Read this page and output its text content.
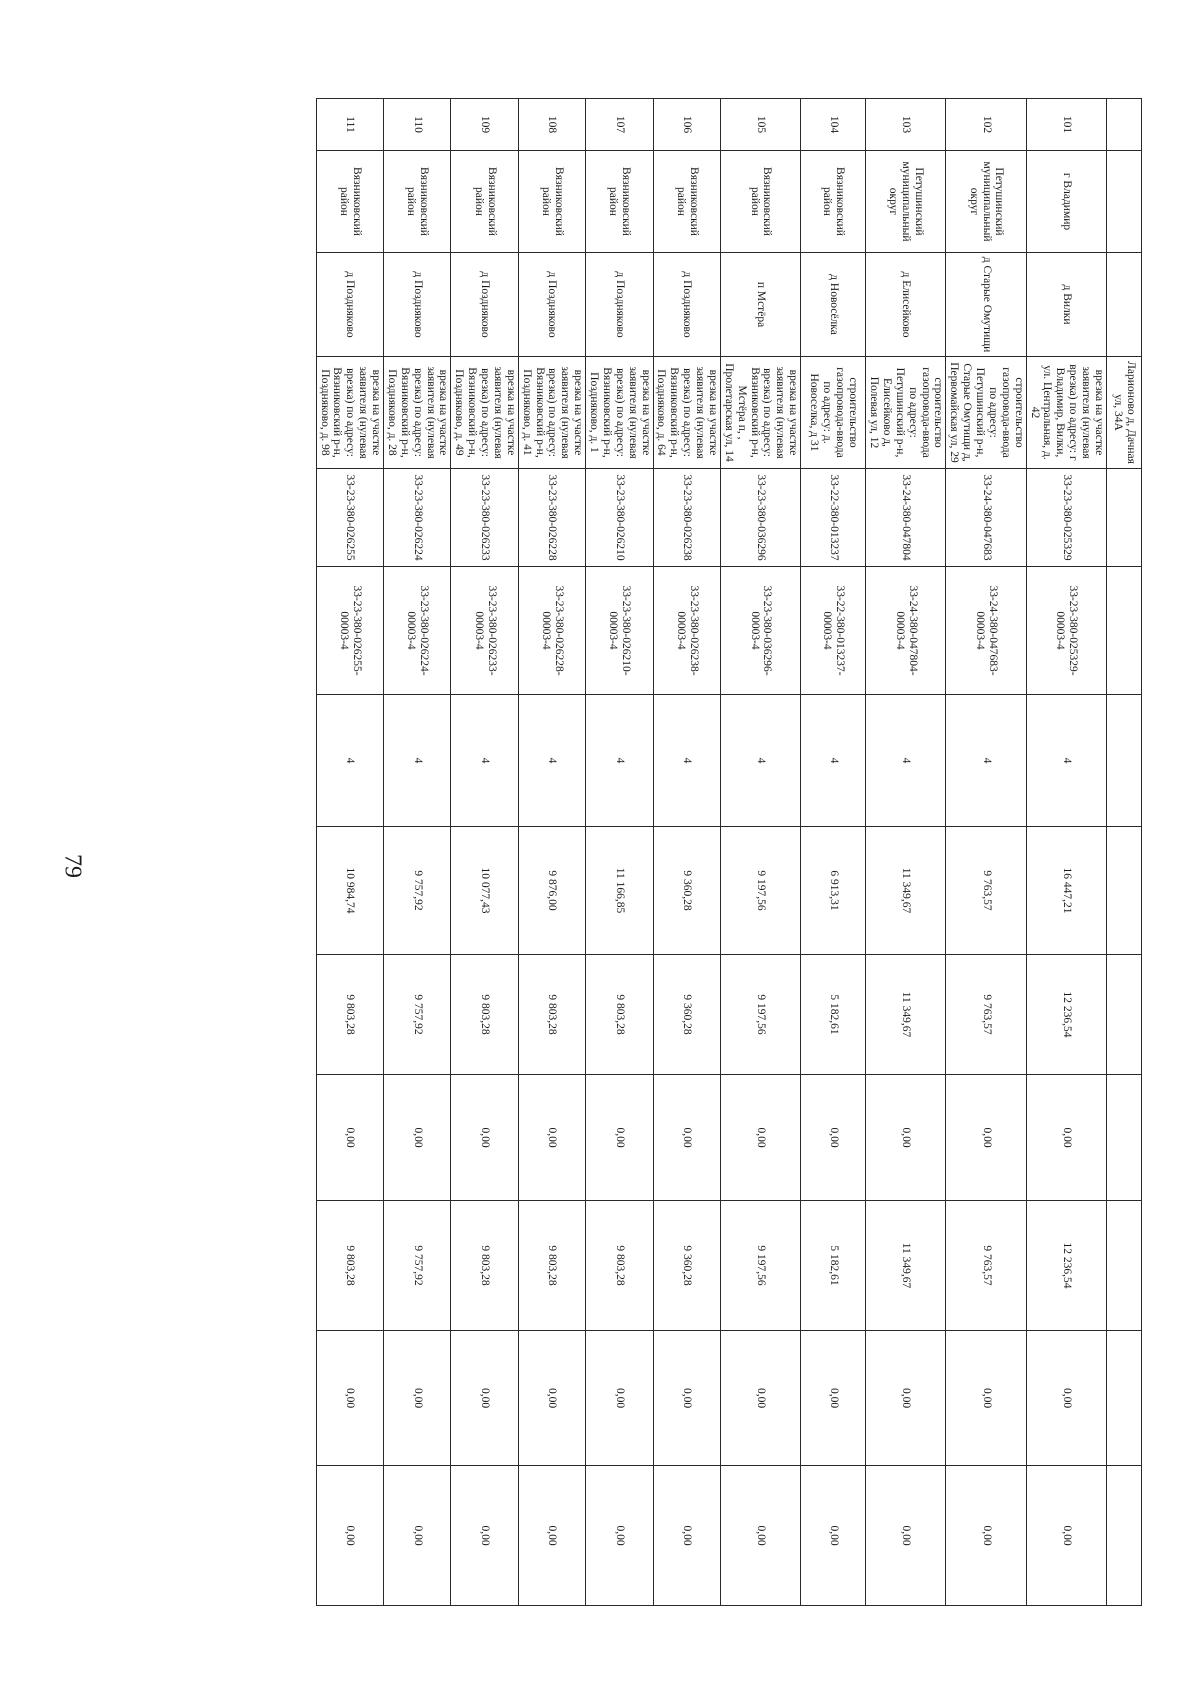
79
			Ларионово д, Дачная ул, 34А									
101	г Владимир	д Вилки	врезка на участке заявителя (нулевая врезка) по адресу: г Владимир, Вилки, ул. Центральная, д. 42	33-23-380-025329	33-23-380-025329-00003-4	4	16 447,21	12 236,54	0,00	12 236,54	0,00	0,00
102	Петушинский муниципальный округ	д Старые Омутищи	строительство газопровода-ввода по адресу: Петушинский р-н, Старые Омутищи д, Первомайская ул, 29	33-24-380-047683	33-24-380-047683-00003-4	4	9 763,57	9 763,57	0,00	9 763,57	0,00	0,00
103	Петушинский муниципальный округ	д Елисейково	строительство газопровода-ввода по адресу: Петушинский р-н, Елисейково д, Полевая ул, 12	33-24-380-047804	33-24-380-047804-00003-4	4	11 349,67	11 349,67	0,00	11 349,67	0,00	0,00
104	Вязниковский район	д Новосёлка	строительство газопровода-ввода по адресу: д. Новоселка, д 31	33-22-380-013237	33-22-380-013237-00003-4	4	6 913,31	5 182,61	0,00	5 182,61	0,00	0,00
105	Вязниковский район	п Мстёра	врезка на участке заявителя (нулевая врезка) по адресу: Вязниковский р-н, Мстёра п, , Пролетарская ул, 14	33-23-380-036296	33-23-380-036296-00003-4	4	9 197,56	9 197,56	0,00	9 197,56	0,00	0,00
106	Вязниковский район	д Поздняково	врезка на участке заявителя (нулевая врезка) по адресу: Вязниковский р-н, Поздняково, д. 64	33-23-380-026238	33-23-380-026238-00003-4	4	9 360,28	9 360,28	0,00	9 360,28	0,00	0,00
107	Вязниковский район	д Поздняково	врезка на участке заявителя (нулевая врезка) по адресу: Вязниковский р-н, Поздняково, д. 1	33-23-380-026210	33-23-380-026210-00003-4	4	11 166,85	9 803,28	0,00	9 803,28	0,00	0,00
108	Вязниковский район	д Поздняково	врезка на участке заявителя (нулевая врезка) по адресу: Вязниковский р-н, Поздняково, д. 41	33-23-380-026228	33-23-380-026228-00003-4	4	9 876,00	9 803,28	0,00	9 803,28	0,00	0,00
109	Вязниковский район	д Поздняково	врезка на участке заявителя (нулевая врезка) по адресу: Вязниковский р-н, Поздняково, д. 49	33-23-380-026233	33-23-380-026233-00003-4	4	10 077,43	9 803,28	0,00	9 803,28	0,00	0,00
110	Вязниковский район	д Поздняково	врезка на участке заявителя (нулевая врезка) по адресу: Вязниковский р-н, Поздняково, д. 28	33-23-380-026224	33-23-380-026224-00003-4	4	9 757,92	9 757,92	0,00	9 757,92	0,00	0,00
111	Вязниковский район	д Поздняково	врезка на участке заявителя (нулевая врезка) по адресу: Вязниковский р-н, Поздняково, д. 98	33-23-380-026255	33-23-380-026255-00003-4	4	10 984,74	9 803,28	0,00	9 803,28	0,00	0,00
